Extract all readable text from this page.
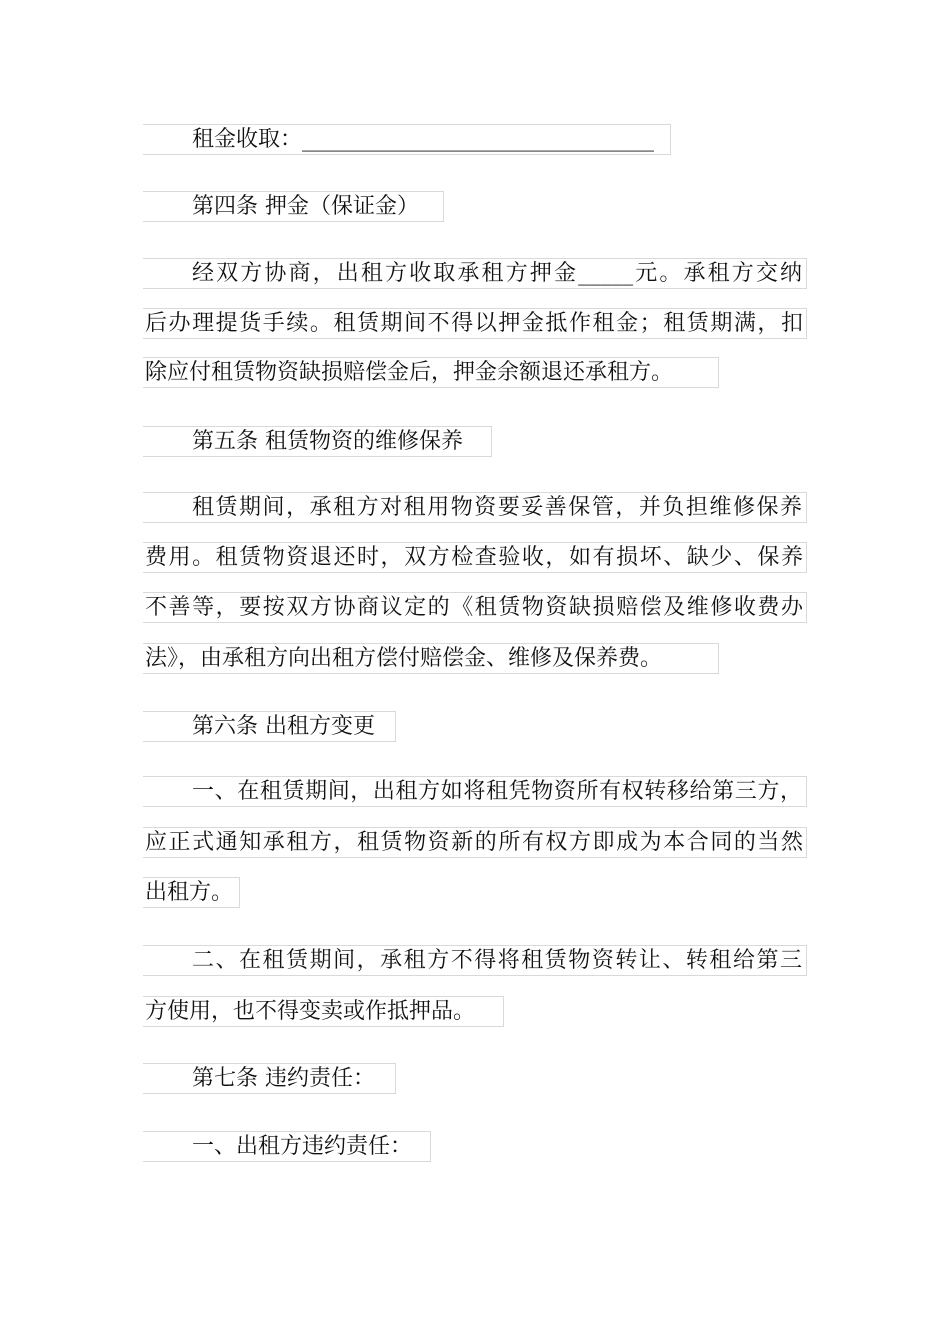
租金收取：________________________________
第四条 押金（保证金）
经双方协商，出租方收取承租方押金_____元。承租方交纳
后办理提货手续。租赁期间不得以押金抵作租金；租赁期满，扣
除应付租赁物资缺损赔偿金后，押金余额退还承租方。
第五条 租赁物资的维修保养
租赁期间，承租方对租用物资要妥善保管，并负担维修保养
费用。租赁物资退还时，双方检查验收，如有损坏、缺少、保养
不善等，要按双方协商议定的《租赁物资缺损赔偿及维修收费办
法》，由承租方向出租方偿付赔偿金、维修及保养费。
第六条 出租方变更
一、在租赁期间，出租方如将租凭物资所有权转移给第三方，
应正式通知承租方，租赁物资新的所有权方即成为本合同的当然
出租方。
二、在租赁期间，承租方不得将租赁物资转让、转租给第三
方使用，也不得变卖或作抵押品。
第七条 违约责任：
一、出租方违约责任：
